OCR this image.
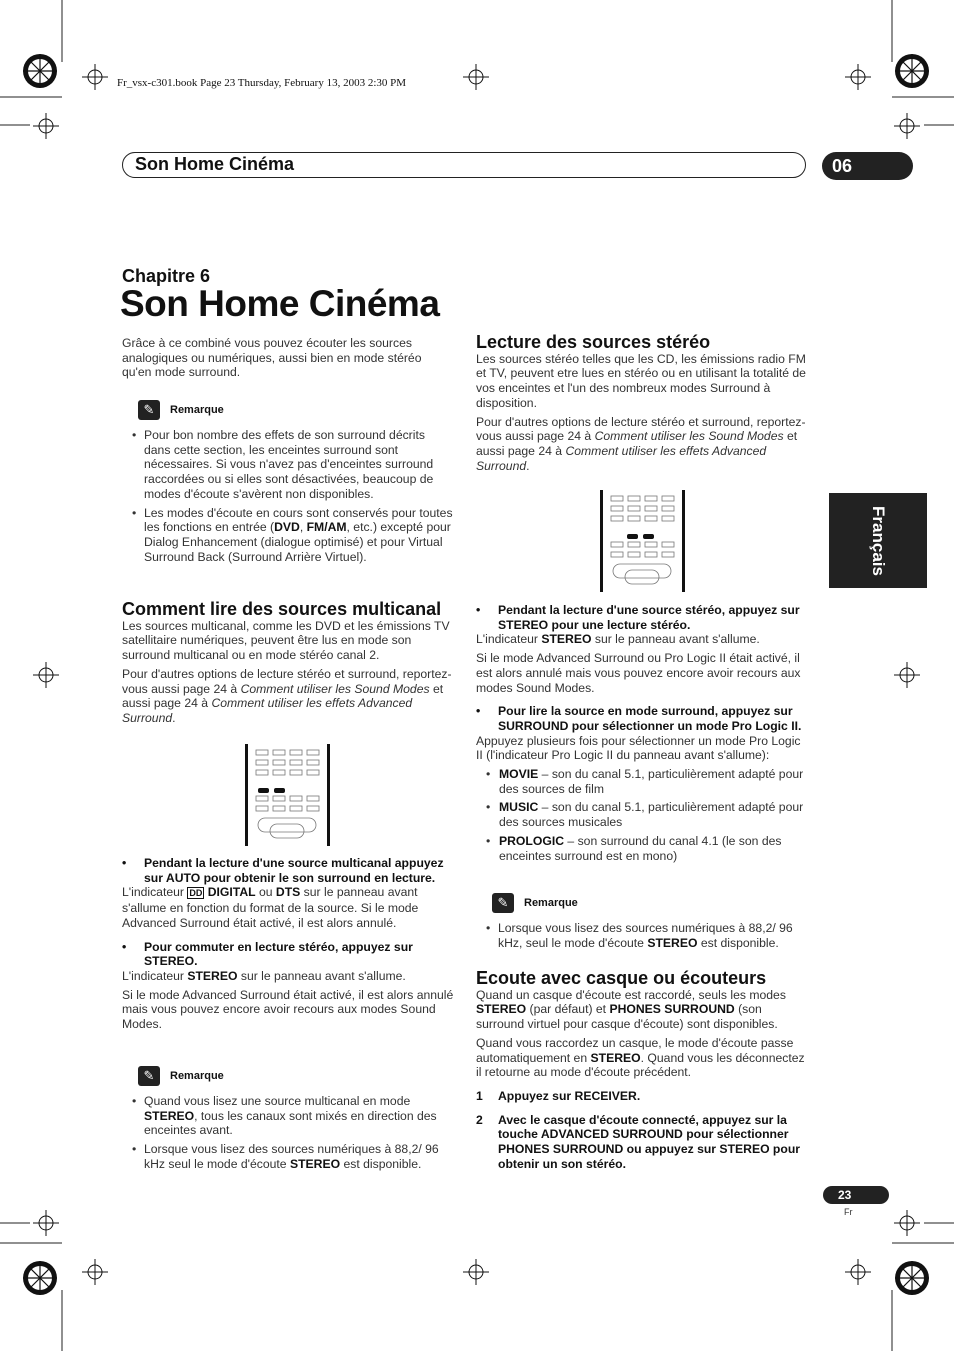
Fr_vsx-c301.book Page 23 Thursday, February 13, 2003 2:30 PM
Son Home Cinéma	06
Français
Chapitre 6
Son Home Cinéma

Grâce à ce combiné vous pouvez écouter les sources analogiques ou numériques, aussi bien en mode stéréo qu'en mode surround.

✎	Remarque
• Pour bon nombre des effets de son surround décrits dans cette section, les enceintes surround sont nécessaires. Si vous n'avez pas d'enceintes surround raccordées ou si elles sont désactivées, beaucoup de modes d'écoute s'avèrent non disponibles.
• Les modes d'écoute en cours sont conservés pour toutes les fonctions en entrée (DVD, FM/AM, etc.) excepté pour Dialog Enhancement (dialogue optimisé) et pour Virtual Surround Back (Surround Arrière Virtuel).
Comment lire des sources multicanal

Les sources multicanal, comme les DVD et les émissions TV satellitaire numériques, peuvent être lus en mode son surround multicanal ou en mode stéréo canal 2.

Pour d'autres options de lecture stéréo et surround, reportez-vous aussi page 24 à Comment utiliser les Sound Modes et aussi page 24 à Comment utiliser les effets Advanced Surround.

• Pendant la lecture d'une source multicanal appuyez sur AUTO pour obtenir le son surround en lecture.

L'indicateur DD DIGITAL ou DTS sur le panneau avant s'allume en fonction du format de la source. Si le mode Advanced Surround était activé, il est alors annulé.

• Pour commuter en lecture stéréo, appuyez sur STEREO.

L'indicateur STEREO sur le panneau avant s'allume.

Si le mode Advanced Surround était activé, il est alors annulé mais vous pouvez encore avoir recours aux modes Sound Modes.

✎	Remarque
• Quand vous lisez une source multicanal en mode STEREO, tous les canaux sont mixés en direction des enceintes avant.
• Lorsque vous lisez des sources numériques à 88,2/ 96 kHz seul le mode d'écoute STEREO est disponible.
Lecture des sources stéréo

Les sources stéréo telles que les CD, les émissions radio FM et TV, peuvent etre lues en stéréo ou en utilisant la totalité de vos enceintes et l'un des nombreux modes Surround à disposition.

Pour d'autres options de lecture stéréo et surround, reportez-vous aussi page 24 à Comment utiliser les Sound Modes et aussi page 24 à Comment utiliser les effets Advanced Surround.

• Pendant la lecture d'une source stéréo, appuyez sur STEREO pour une lecture stéréo.

L'indicateur STEREO sur le panneau avant s'allume.

Si le mode Advanced Surround ou Pro Logic II était activé, il est alors annulé mais vous pouvez encore avoir recours aux modes Sound Modes.

• Pour lire la source en mode surround, appuyez sur SURROUND pour sélectionner un mode Pro Logic II.

Appuyez plusieurs fois pour sélectionner un mode Pro Logic II (l'indicateur Pro Logic II du panneau avant s'allume):

• MOVIE – son du canal 5.1, particulièrement adapté pour des sources de film
• MUSIC – son du canal 5.1, particulièrement adapté pour des sources musicales
• PROLOGIC – son surround du canal 4.1 (le son des enceintes surround est en mono)
✎	Remarque
• Lorsque vous lisez des sources numériques à 88,2/ 96 kHz, seul le mode d'écoute STEREO est disponible.
Ecoute avec casque ou écouteurs

Quand un casque d'écoute est raccordé, seuls les modes STEREO (par défaut) et PHONES SURROUND (son surround virtuel pour casque d'écoute) sont disponibles.

Quand vous raccordez un casque, le mode d'écoute passe automatiquement en STEREO. Quand vous les déconnectez il retourne au mode d'écoute précédent.

1 Appuyez sur RECEIVER.

2 Avec le casque d'écoute connecté, appuyez sur la touche ADVANCED SURROUND pour sélectionner PHONES SURROUND ou appuyez sur STEREO pour obtenir un son stéréo.

23
Fr
